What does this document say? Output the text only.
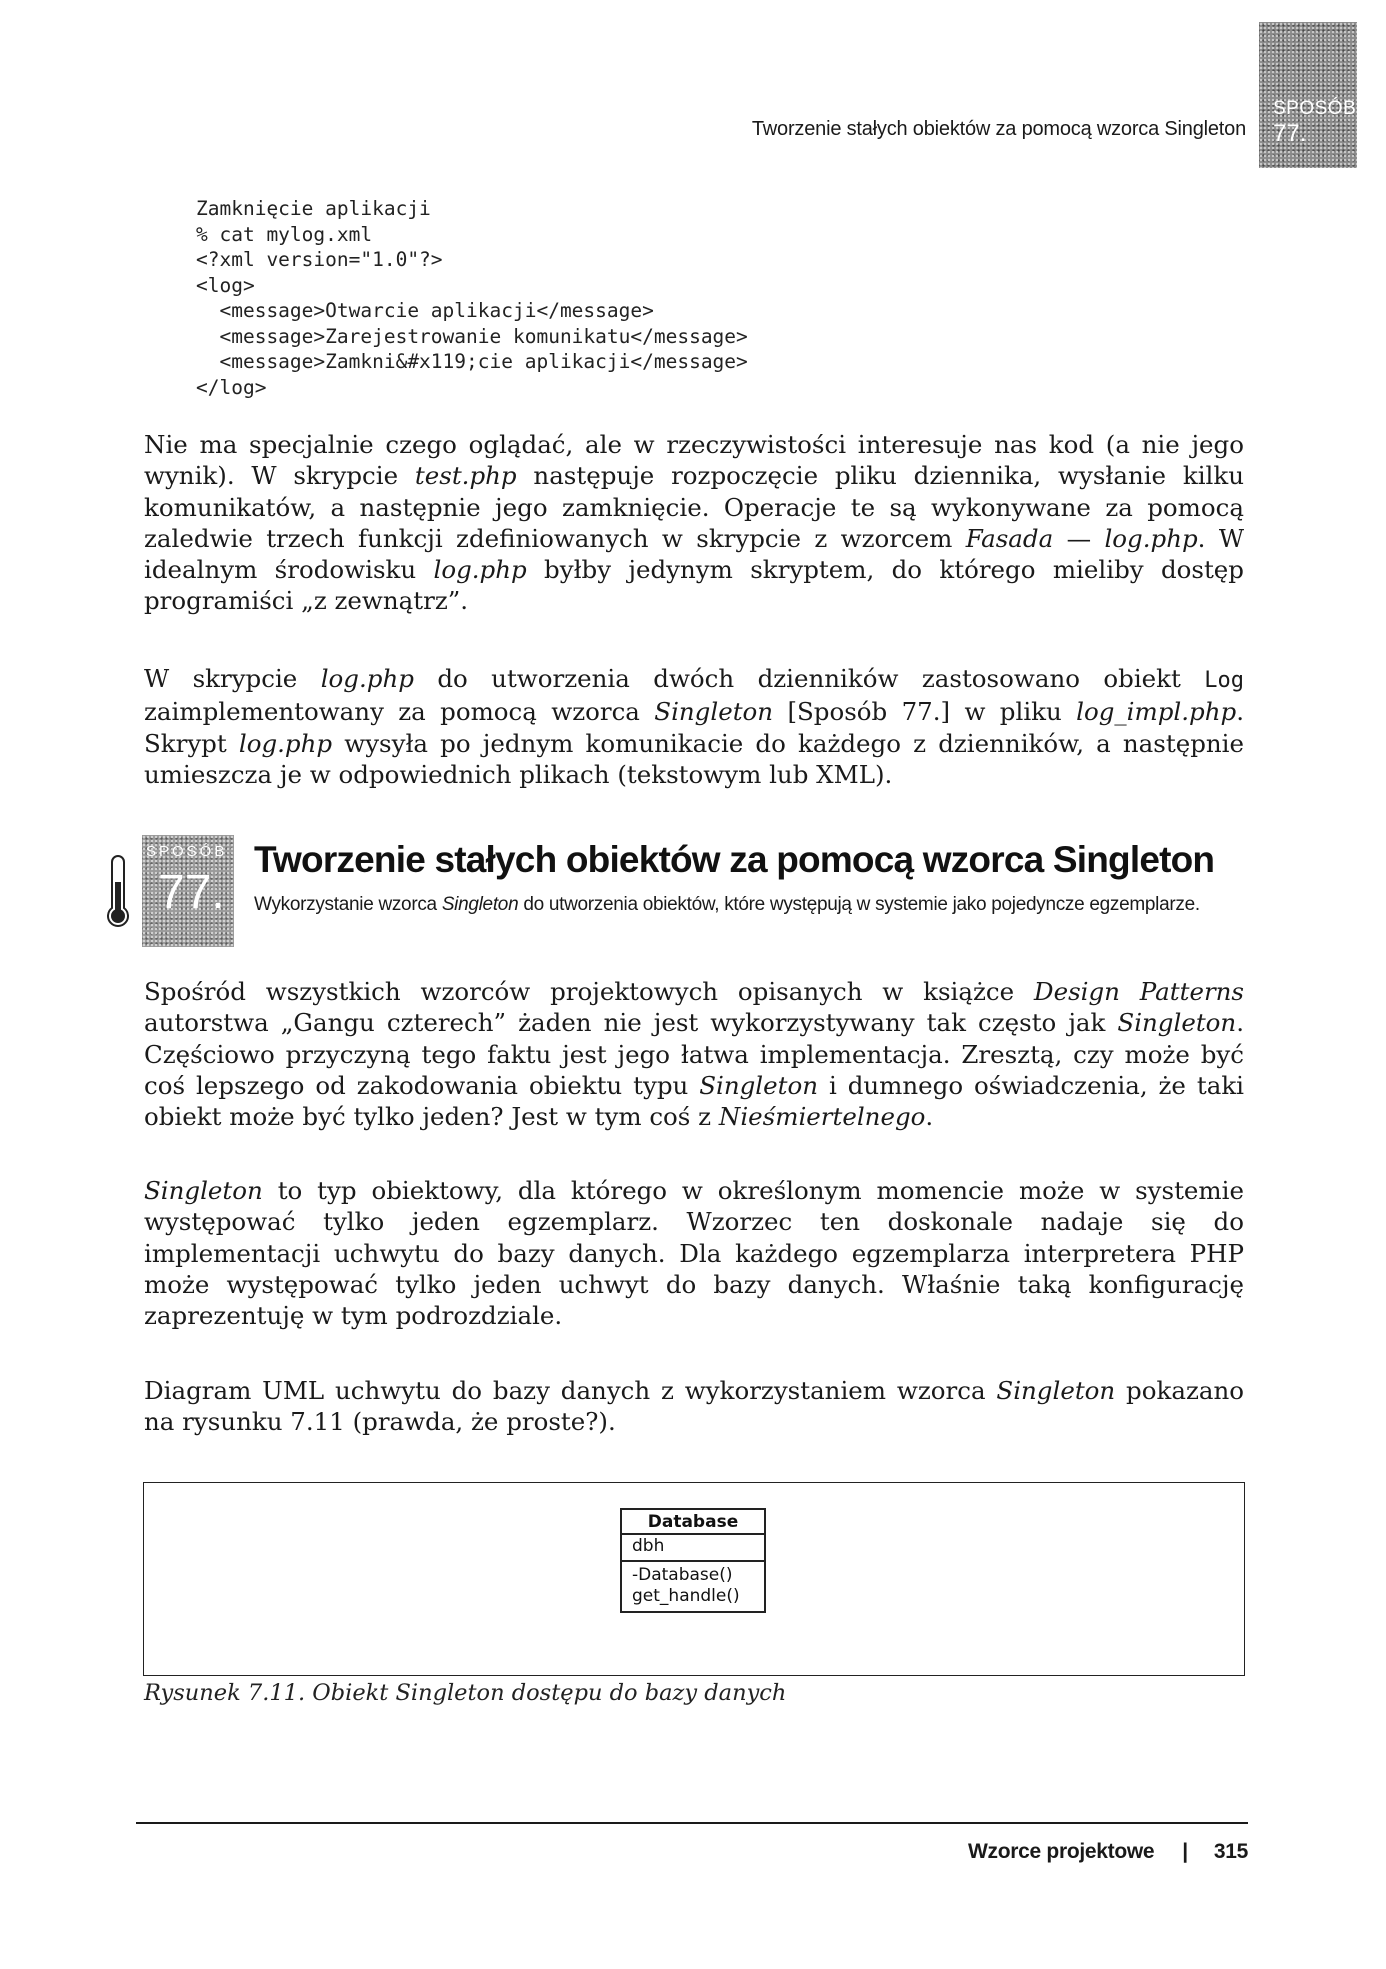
SPOSÓB
77.
Tworzenie stałych obiektów za pomocą wzorca Singleton
Zamknięcie aplikacji
% cat mylog.xml
<?xml version="1.0"?>
<log>
<message>Otwarcie aplikacji</message>
<message>Zarejestrowanie komunikatu</message>
<message>Zamkni&#x119;cie aplikacji</message>
</log>

Nie ma specjalnie czego oglądać, ale w rzeczywistości interesuje nas kod (a nie jego wynik). W skrypcie test.php następuje rozpoczęcie pliku dziennika, wysłanie kilku komunikatów, a następnie jego zamknięcie. Operacje te są wykonywane za pomocą zaledwie trzech funkcji zdefiniowanych w skrypcie z wzorcem Fasada — log.php. W idealnym środowisku log.php byłby jedynym skryptem, do którego mieliby dostęp programiści „z zewnątrz”.

W skrypcie log.php do utworzenia dwóch dzienników zastosowano obiekt Log zaimplementowany za pomocą wzorca Singleton [Sposób 77.] w pliku log_impl.php. Skrypt log.php wysyła po jednym komunikacie do każdego z dzienników, a następnie umieszcza je w odpowiednich plikach (tekstowym lub XML).

SPOSÓB
77.
Tworzenie stałych obiektów za pomocą wzorca Singleton

Wykorzystanie wzorca Singleton do utworzenia obiektów, które występują w systemie jako pojedyncze egzemplarze.

Spośród wszystkich wzorców projektowych opisanych w książce Design Patterns autorstwa „Gangu czterech” żaden nie jest wykorzystywany tak często jak Singleton. Częściowo przyczyną tego faktu jest jego łatwa implementacja. Zresztą, czy może być coś lepszego od zakodowania obiektu typu Singleton i dumnego oświadczenia, że taki obiekt może być tylko jeden? Jest w tym coś z Nieśmiertelnego.

Singleton to typ obiektowy, dla którego w określonym momencie może w systemie występować tylko jeden egzemplarz. Wzorzec ten doskonale nadaje się do implementacji uchwytu do bazy danych. Dla każdego egzemplarza interpretera PHP może występować tylko jeden uchwyt do bazy danych. Właśnie taką konfigurację zaprezentuję w tym podrozdziale.

Diagram UML uchwytu do bazy danych z wykorzystaniem wzorca Singleton pokazano na rysunku 7.11 (prawda, że proste?).

Database
dbh
-Database()
get_handle()

Rysunek 7.11. Obiekt Singleton dostępu do bazy danych

Wzorce projektowe | 315
